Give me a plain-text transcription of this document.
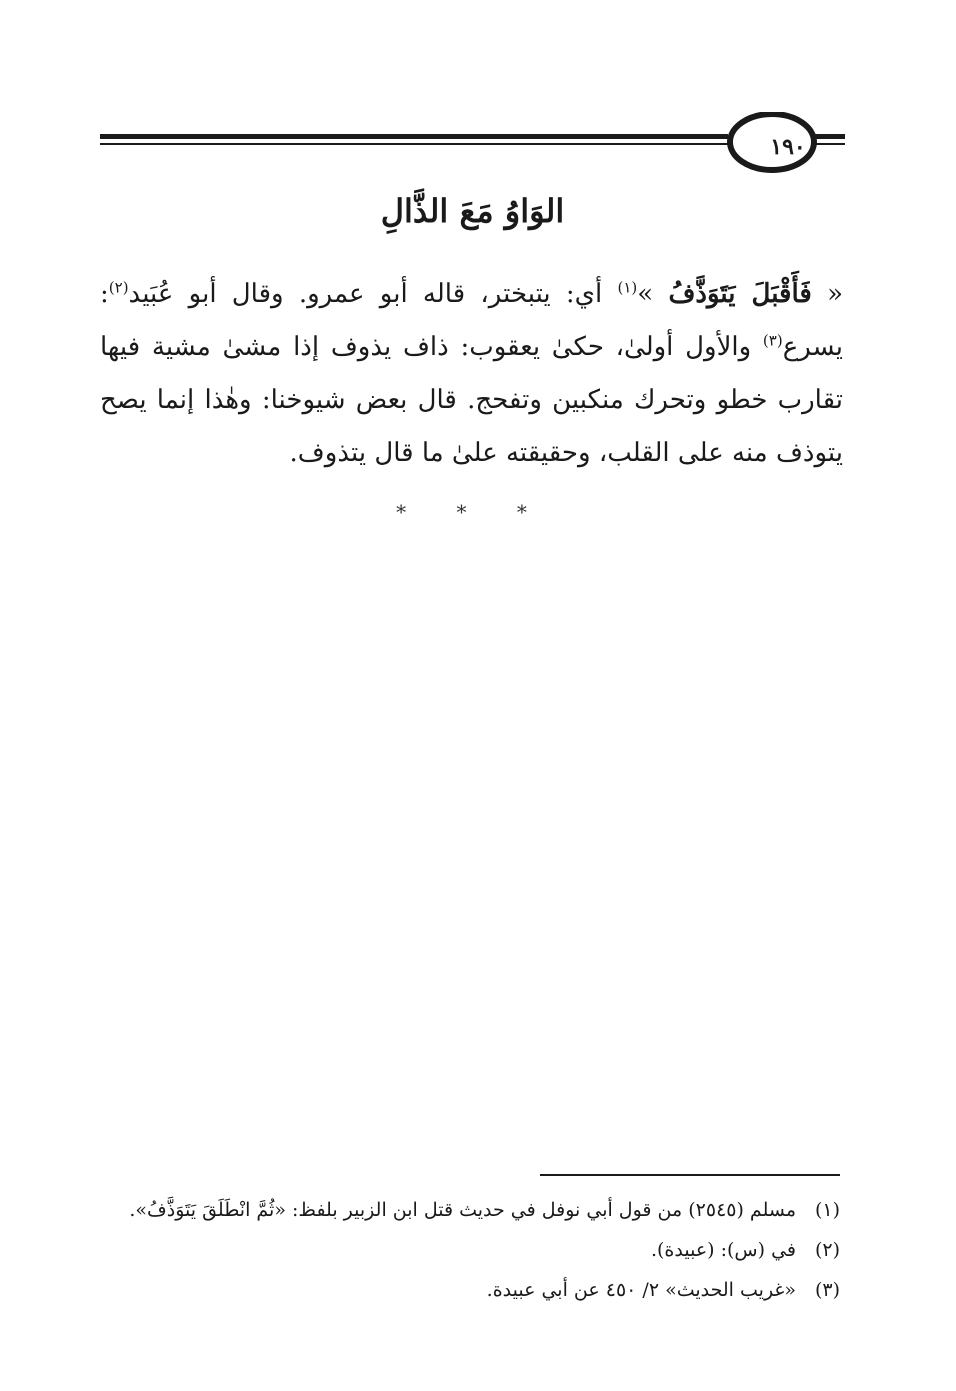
١٩٠
الوَاوُ مَعَ الذَّالِ

« فَأَقْبَلَ يَتَوَذَّفُ »$^{(١)}$ أي: يتبختر، قاله أبو عمرو. وقال أبو عُبَيد$^{(٢)}$: يسرع$^{(٣)}$ والأول أولىٰ، حكىٰ يعقوب: ذاف يذوف إذا مشىٰ مشية فيها تقارب خطو وتحرك منكبين وتفحج. قال بعض شيوخنا: وهٰذا إنما يصح يتوذف منه على القلب، وحقيقته علىٰ ما قال يتذوف.

* * *
(١)
مسلم (٢٥٤٥) من قول أبي نوفل في حديث قتل ابن الزبير بلفظ: «ثُمَّ انْطَلَقَ يَتَوَذَّفُ».
(٢)
في (س): (عبيدة).
(٣)
«غريب الحديث» ٢/ ٤٥٠ عن أبي عبيدة.
